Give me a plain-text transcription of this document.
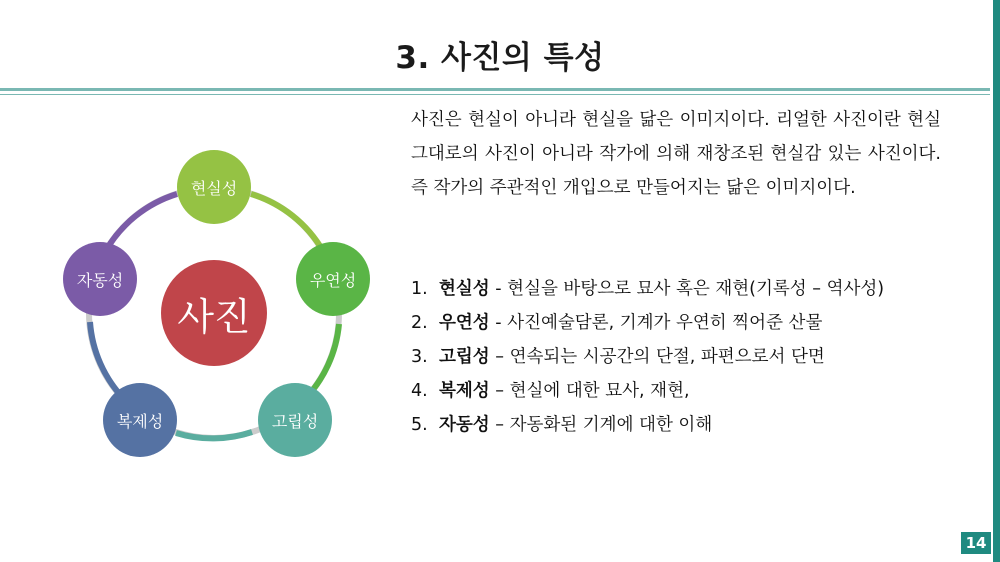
3. 사진의 특성
사진
현실성
우연성
고립성
복제성
자동성
사진은 현실이 아니라 현실을 닮은 이미지이다. 리얼한 사진이란 현실 그대로의 사진이 아니라 작가에 의해 재창조된 현실감 있는 사진이다. 즉 작가의 주관적인 개입으로 만들어지는 닮은 이미지이다.
1. 현실성 - 현실을 바탕으로 묘사 혹은 재현(기록성 – 역사성)
2. 우연성 - 사진예술담론, 기계가 우연히 찍어준 산물
3. 고립성 – 연속되는 시공간의 단절, 파편으로서 단면
4. 복제성 – 현실에 대한 묘사, 재현,
5. 자동성 – 자동화된 기계에 대한 이해
14
